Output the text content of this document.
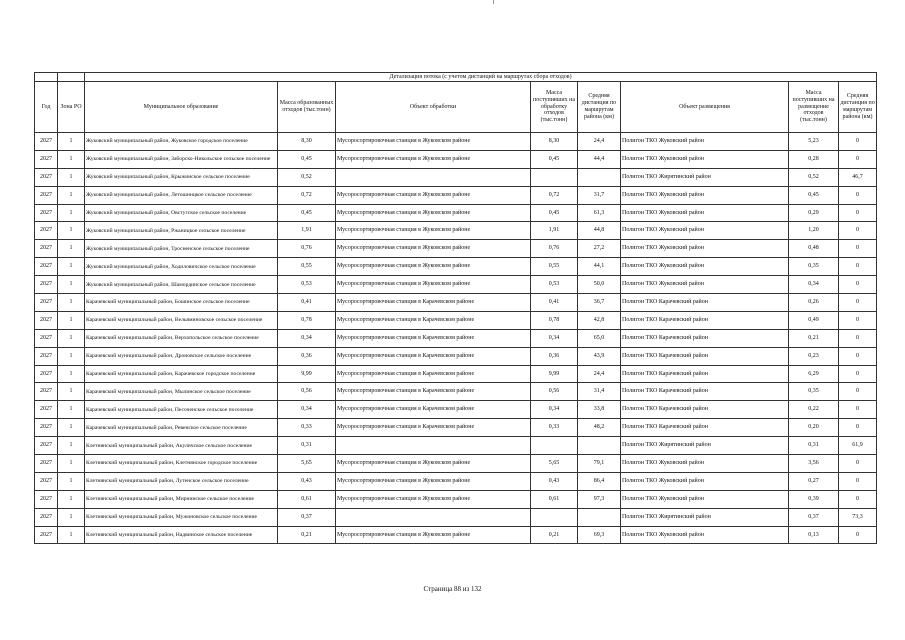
		Детализация потока (с учетом дистанций на маршрутах сбора отходов)							
Год	Зона РО	Муниципальное образование	Масса образованных отходов (тыс.тонн)	Объект обработки	Масса поступивших на обработку отходов (тыс.тонн)	Средняя дистанция по маршрутам района (км)	Объект размещения	Масса поступивших на размещение отходов (тыс.тонн)	Средняя дистанция по маршрутам района (км)
2027	1	Жуковский муниципальный район, Жуковское городское поселение	8,30	Мусоросортировочная станция в Жуковском районе	8,30	24,4	Полигон ТКО Жуковский район	5,23	0
2027	1	Жуковский муниципальный район, Заборско-Никольское сельское поселение	0,45	Мусоросортировочная станция в Жуковском районе	0,45	44,4	Полигон ТКО Жуковский район	0,28	0
2027	1	Жуковский муниципальный район, Крыжинское сельское поселение	0,52				Полигон ТКО Жирятинский район	0,52	46,7
2027	1	Жуковский муниципальный район, Летошницкое сельское поселение	0,72	Мусоросортировочная станция в Жуковском районе	0,72	31,7	Полигон ТКО Жуковский район	0,45	0
2027	1	Жуковский муниципальный район, Овстугское сельское поселение	0,45	Мусоросортировочная станция в Жуковском районе	0,45	61,3	Полигон ТКО Жуковский район	0,29	0
2027	1	Жуковский муниципальный район, Ржаницкое сельское поселение	1,91	Мусоросортировочная станция в Жуковском районе	1,91	44,8	Полигон ТКО Жуковский район	1,20	0
2027	1	Жуковский муниципальный район, Тросненское сельское поселение	0,76	Мусоросортировочная станция в Жуковском районе	0,76	27,2	Полигон ТКО Жуковский район	0,48	0
2027	1	Жуковский муниципальный район, Ходиловичское сельское поселение	0,55	Мусоросортировочная станция в Жуковском районе	0,55	44,1	Полигон ТКО Жуковский район	0,35	0
2027	1	Жуковский муниципальный район, Шамординское сельское поселение	0,53	Мусоросортировочная станция в Жуковском районе	0,53	50,0	Полигон ТКО Жуковский район	0,34	0
2027	1	Карачевский муниципальный район, Бошинское сельское поселение	0,41	Мусоросортировочная станция в Карачевском районе	0,41	36,7	Полигон ТКО Карачевский район	0,26	0
2027	1	Карачевский муниципальный район, Вельяминовское сельское поселение	0,78	Мусоросортировочная станция в Карачевском районе	0,78	42,8	Полигон ТКО Карачевский район	0,49	0
2027	1	Карачевский муниципальный район, Верхопольское сельское поселение	0,34	Мусоросортировочная станция в Карачевском районе	0,34	65,0	Полигон ТКО Карачевский район	0,21	0
2027	1	Карачевский муниципальный район, Дроновское сельское поселение	0,36	Мусоросортировочная станция в Карачевском районе	0,36	43,9	Полигон ТКО Карачевский район	0,23	0
2027	1	Карачевский муниципальный район, Карачевское городское поселение	9,99	Мусоросортировочная станция в Карачевском районе	9,99	24,4	Полигон ТКО Карачевский район	6,29	0
2027	1	Карачевский муниципальный район, Мылинское сельское поселение	0,56	Мусоросортировочная станция в Карачевском районе	0,56	31,4	Полигон ТКО Карачевский район	0,35	0
2027	1	Карачевский муниципальный район, Песоченское сельское поселение	0,34	Мусоросортировочная станция в Карачевском районе	0,34	33,8	Полигон ТКО Карачевский район	0,22	0
2027	1	Карачевский муниципальный район, Ревенское сельское поселение	0,33	Мусоросортировочная станция в Карачевском районе	0,33	48,2	Полигон ТКО Карачевский район	0,20	0
2027	1	Клетнянский муниципальный район, Акуличское сельское поселение	0,31				Полигон ТКО Жирятинский район	0,31	61,9
2027	1	Клетнянский муниципальный район, Клетнянское городское поселение	5,65	Мусоросортировочная станция в Жуковском районе	5,65	79,1	Полигон ТКО Жуковский район	3,56	0
2027	1	Клетнянский муниципальный район, Лутенское сельское поселение	0,43	Мусоросортировочная станция в Жуковском районе	0,43	86,4	Полигон ТКО Жуковский район	0,27	0
2027	1	Клетнянский муниципальный район, Мирнинское сельское поселение	0,61	Мусоросортировочная станция в Жуковском районе	0,61	97,3	Полигон ТКО Жуковский район	0,39	0
2027	1	Клетнянский муниципальный район, Мужиновское сельское поселение	0,37				Полигон ТКО Жирятинский район	0,37	73,3
2027	1	Клетнянский муниципальный район, Надвинское сельское поселение	0,21	Мусоросортировочная станция в Жуковском районе	0,21	69,3	Полигон ТКО Жуковский район	0,13	0
Страница 88 из 132
